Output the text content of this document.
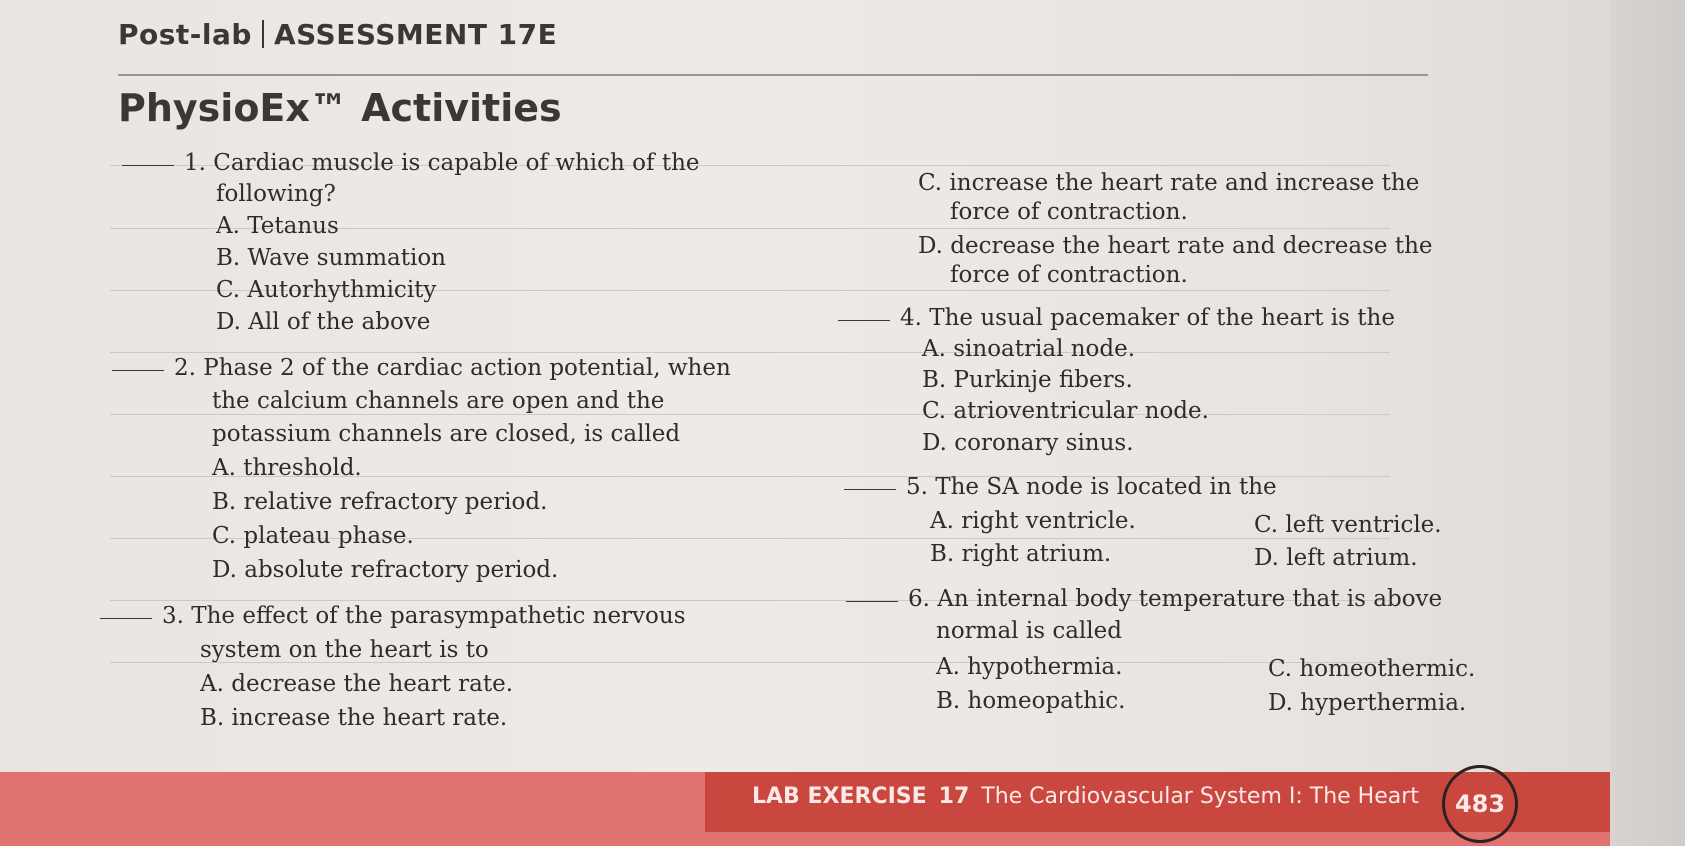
Post-lab ASSESSMENT 17E
PhysioEx™ Activities
1. Cardiac muscle is capable of which of the
following?
A. Tetanus
B. Wave summation
C. Autorhythmicity
D. All of the above
2. Phase 2 of the cardiac action potential, when
the calcium channels are open and the
potassium channels are closed, is called
A. threshold.
B. relative refractory period.
C. plateau phase.
D. absolute refractory period.
3. The effect of the parasympathetic nervous
system on the heart is to
A. decrease the heart rate.
B. increase the heart rate.
C. increase the heart rate and increase the
force of contraction.
D. decrease the heart rate and decrease the
force of contraction.
4. The usual pacemaker of the heart is the
A. sinoatrial node.
B. Purkinje fibers.
C. atrioventricular node.
D. coronary sinus.
5. The SA node is located in the
A. right ventricle.
B. right atrium.
C. left ventricle.
D. left atrium.
6. An internal body temperature that is above
normal is called
A. hypothermia.
B. homeopathic.
C. homeothermic.
D. hyperthermia.
LAB EXERCISE 17 The Cardiovascular System I: The Heart	483
